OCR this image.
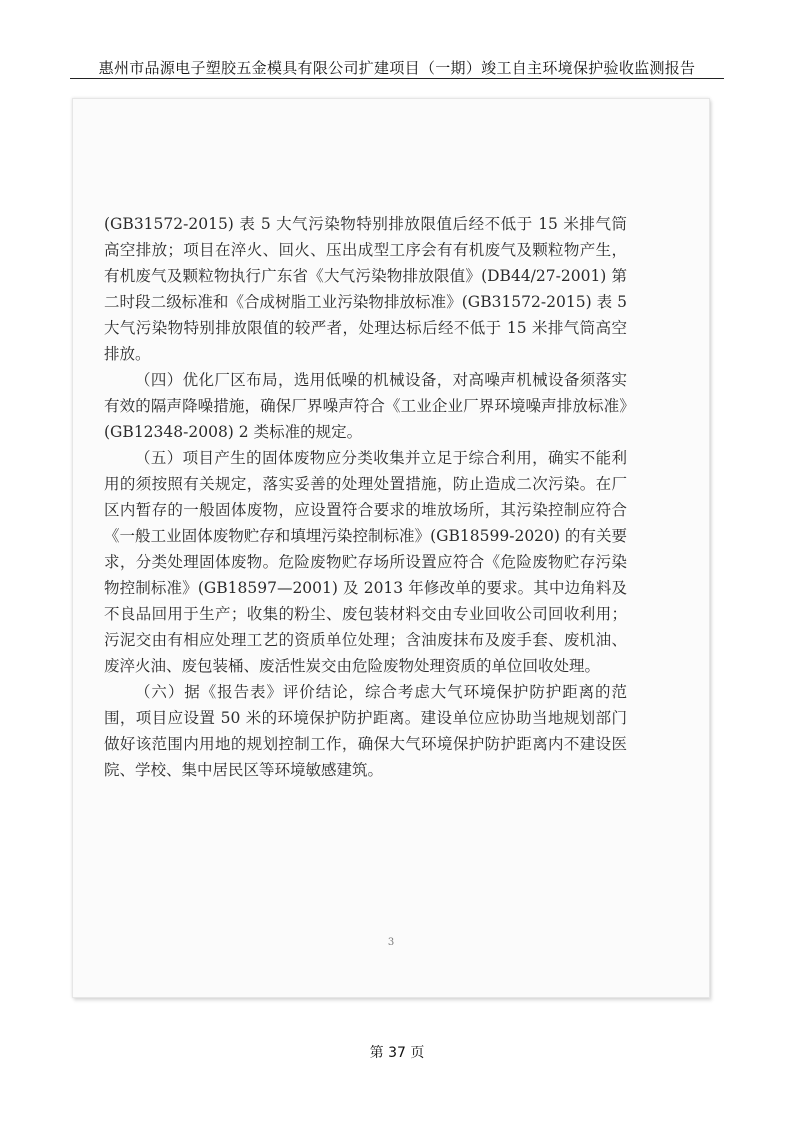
惠州市品源电子塑胶五金模具有限公司扩建项目（一期）竣工自主环境保护验收监测报告
3

(GB31572-2015) 表 5 大气污染物特别排放限值后经不低于 15 米排气筒高空排放；项目在淬火、回火、压出成型工序会有有机废气及颗粒物产生，有机废气及颗粒物执行广东省《大气污染物排放限值》(DB44/27-2001) 第二时段二级标准和《合成树脂工业污染物排放标准》(GB31572-2015) 表 5 大气污染物特别排放限值的较严者，处理达标后经不低于 15 米排气筒高空排放。

（四）优化厂区布局，选用低噪的机械设备，对高噪声机械设备须落实有效的隔声降噪措施，确保厂界噪声符合《工业企业厂界环境噪声排放标准》(GB12348-2008) 2 类标准的规定。

（五）项目产生的固体废物应分类收集并立足于综合利用，确实不能利用的须按照有关规定，落实妥善的处理处置措施，防止造成二次污染。在厂区内暂存的一般固体废物，应设置符合要求的堆放场所，其污染控制应符合《一般工业固体废物贮存和填埋污染控制标准》(GB18599-2020) 的有关要求，分类处理固体废物。危险废物贮存场所设置应符合《危险废物贮存污染物控制标准》(GB18597—2001) 及 2013 年修改单的要求。其中边角料及不良品回用于生产；收集的粉尘、废包装材料交由专业回收公司回收利用；污泥交由有相应处理工艺的资质单位处理；含油废抹布及废手套、废机油、废淬火油、废包装桶、废活性炭交由危险废物处理资质的单位回收处理。

（六）据《报告表》评价结论，综合考虑大气环境保护防护距离的范围，项目应设置 50 米的环境保护防护距离。建设单位应协助当地规划部门做好该范围内用地的规划控制工作，确保大气环境保护防护距离内不建设医院、学校、集中居民区等环境敏感建筑。

第 37 页
